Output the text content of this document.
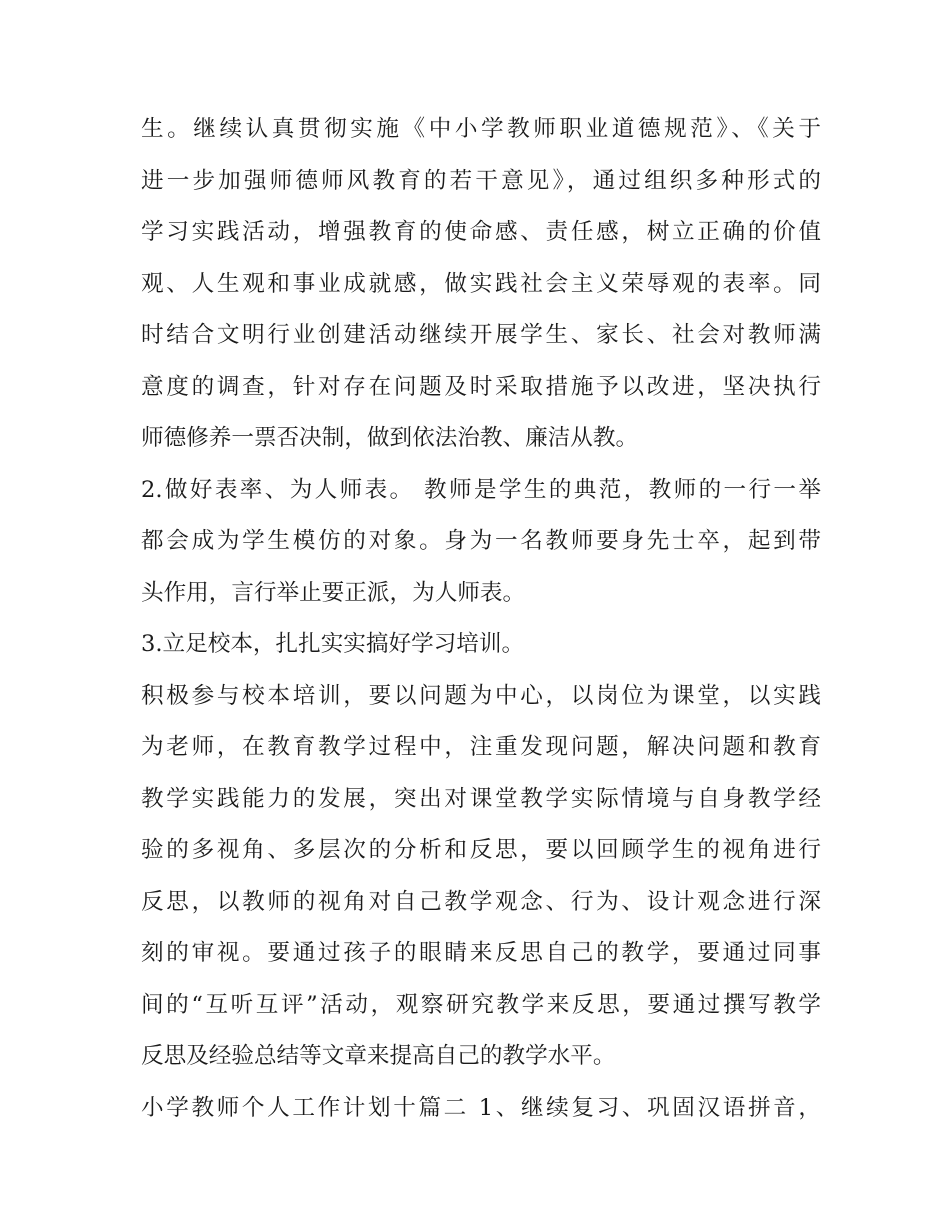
生。继续认真贯彻实施《中小学教师职业道德规范》、《关于
进一步加强师德师风教育的若干意见》，通过组织多种形式的
学习实践活动，增强教育的使命感、责任感，树立正确的价值
观、人生观和事业成就感，做实践社会主义荣辱观的表率。同
时结合文明行业创建活动继续开展学生、家长、社会对教师满
意度的调查，针对存在问题及时采取措施予以改进，坚决执行
师德修养一票否决制，做到依法治教、廉洁从教。
2.做好表率、为人师表。 教师是学生的典范，教师的一行一举
都会成为学生模仿的对象。身为一名教师要身先士卒，起到带
头作用，言行举止要正派，为人师表。
3.立足校本，扎扎实实搞好学习培训。
积极参与校本培训，要以问题为中心，以岗位为课堂，以实践
为老师，在教育教学过程中，注重发现问题，解决问题和教育
教学实践能力的发展，突出对课堂教学实际情境与自身教学经
验的多视角、多层次的分析和反思，要以回顾学生的视角进行
反思，以教师的视角对自己教学观念、行为、设计观念进行深
刻的审视。要通过孩子的眼睛来反思自己的教学，要通过同事
间的“互听互评”活动，观察研究教学来反思，要通过撰写教学
反思及经验总结等文章来提高自己的教学水平。
小学教师个人工作计划十篇二 1、继续复习、巩固汉语拼音，
